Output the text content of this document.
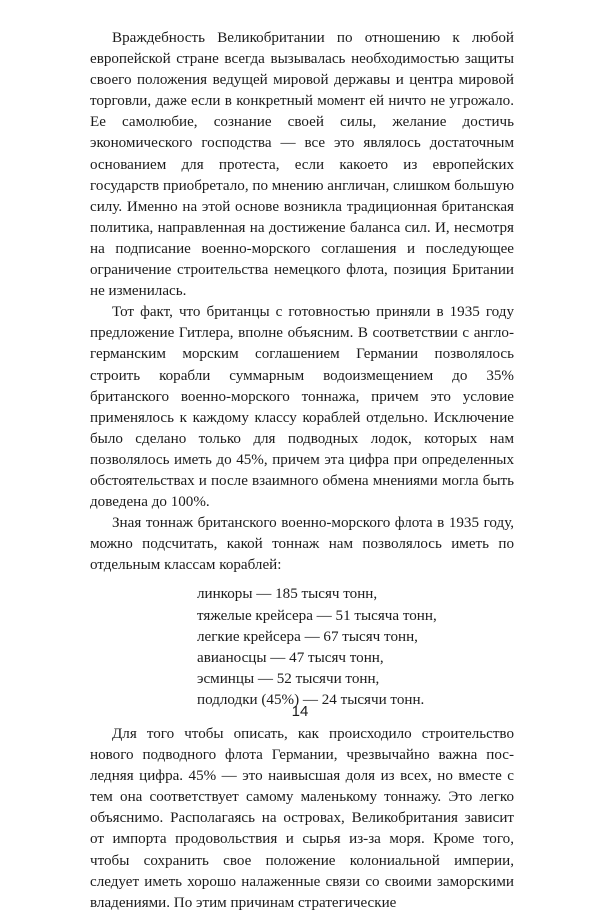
Враждебность Великобритании по отношению к любой европейской стране всегда вызывалась необходимостью защиты своего положения ведущей мировой державы и центра мировой торговли, даже если в конкретный момент ей ничто не угрожало. Ее самолюбие, сознание своей силы, желание достичь экономического господства — все это являлось достаточным основанием для протеста, если какоето из европейских государств приобретало, по мнению англичан, слишком большую силу. Именно на этой основе возникла традиционная британская политика, направленная на достижение баланса сил. И, несмотря на подписание военно-морского соглашения и последующее ограничение строительства немецкого флота, позиция Британии не изменилась.

Тот факт, что британцы с готовностью приняли в 1935 году предложение Гитлера, вполне объясним. В соответствии с англо-германским морским соглашением Германии позволялось строить корабли суммарным водоизмещением до 35% британского военно-морского тоннажа, причем это условие применялось к каждому классу кораблей отдельно. Исключение было сделано только для подводных лодок, которых нам позволялось иметь до 45%, причем эта цифра при определенных обстоятельствах и после взаимного обмена мнениями могла быть доведена до 100%.

Зная тоннаж британского военно-морского флота в 1935 году, можно подсчитать, какой тоннаж нам позволялось иметь по отдельным классам кораблей:

линкоры — 185 тысяч тонн,
тяжелые крейсера — 51 тысяча тонн,
легкие крейсера — 67 тысяч тонн,
авианосцы — 47 тысяч тонн,
эсминцы — 52 тысячи тонн,
подлодки (45%) — 24 тысячи тонн.

Для того чтобы описать, как происходило строительство нового подводного флота Германии, чрезвычайно важна последняя цифра. 45% — это наивысшая доля из всех, но вместе с тем она соответствует самому маленькому тоннажу. Это легко объяснимо. Располагаясь на островах, Великобритания зависит от импорта продовольствия и сырья из-за моря. Кроме того, чтобы сохранить свое положение колониальной империи, следует иметь хорошо налаженные связи со своими заморскими владениями. По этим причинам стратегические

14
